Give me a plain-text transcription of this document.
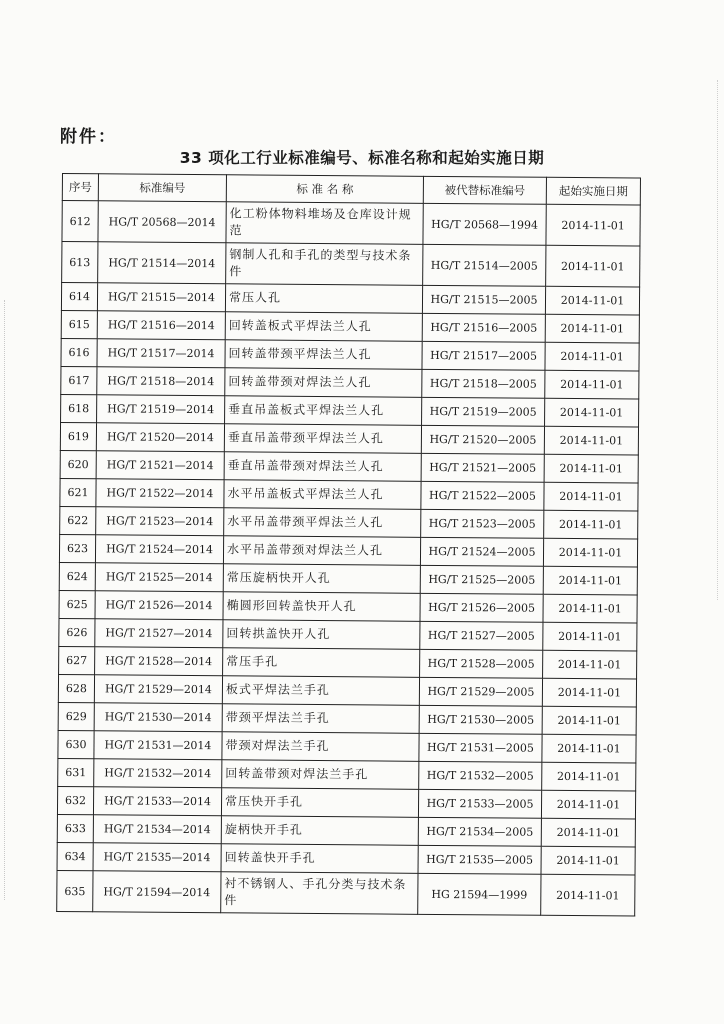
附件：
33 项化工行业标准编号、标准名称和起始实施日期
序号	标准编号	标 准 名 称	被代替标准编号	起始实施日期
612	HG/T 20568—2014	化工粉体物料堆场及仓库设计规范	HG/T 20568—1994	2014-11-01
613	HG/T 21514—2014	钢制人孔和手孔的类型与技术条件	HG/T 21514—2005	2014-11-01
614	HG/T 21515—2014	常压人孔	HG/T 21515—2005	2014-11-01
615	HG/T 21516—2014	回转盖板式平焊法兰人孔	HG/T 21516—2005	2014-11-01
616	HG/T 21517—2014	回转盖带颈平焊法兰人孔	HG/T 21517—2005	2014-11-01
617	HG/T 21518—2014	回转盖带颈对焊法兰人孔	HG/T 21518—2005	2014-11-01
618	HG/T 21519—2014	垂直吊盖板式平焊法兰人孔	HG/T 21519—2005	2014-11-01
619	HG/T 21520—2014	垂直吊盖带颈平焊法兰人孔	HG/T 21520—2005	2014-11-01
620	HG/T 21521—2014	垂直吊盖带颈对焊法兰人孔	HG/T 21521—2005	2014-11-01
621	HG/T 21522—2014	水平吊盖板式平焊法兰人孔	HG/T 21522—2005	2014-11-01
622	HG/T 21523—2014	水平吊盖带颈平焊法兰人孔	HG/T 21523—2005	2014-11-01
623	HG/T 21524—2014	水平吊盖带颈对焊法兰人孔	HG/T 21524—2005	2014-11-01
624	HG/T 21525—2014	常压旋柄快开人孔	HG/T 21525—2005	2014-11-01
625	HG/T 21526—2014	椭圆形回转盖快开人孔	HG/T 21526—2005	2014-11-01
626	HG/T 21527—2014	回转拱盖快开人孔	HG/T 21527—2005	2014-11-01
627	HG/T 21528—2014	常压手孔	HG/T 21528—2005	2014-11-01
628	HG/T 21529—2014	板式平焊法兰手孔	HG/T 21529—2005	2014-11-01
629	HG/T 21530—2014	带颈平焊法兰手孔	HG/T 21530—2005	2014-11-01
630	HG/T 21531—2014	带颈对焊法兰手孔	HG/T 21531—2005	2014-11-01
631	HG/T 21532—2014	回转盖带颈对焊法兰手孔	HG/T 21532—2005	2014-11-01
632	HG/T 21533—2014	常压快开手孔	HG/T 21533—2005	2014-11-01
633	HG/T 21534—2014	旋柄快开手孔	HG/T 21534—2005	2014-11-01
634	HG/T 21535—2014	回转盖快开手孔	HG/T 21535—2005	2014-11-01
635	HG/T 21594—2014	衬不锈钢人、手孔分类与技术条件	HG 21594—1999	2014-11-01
